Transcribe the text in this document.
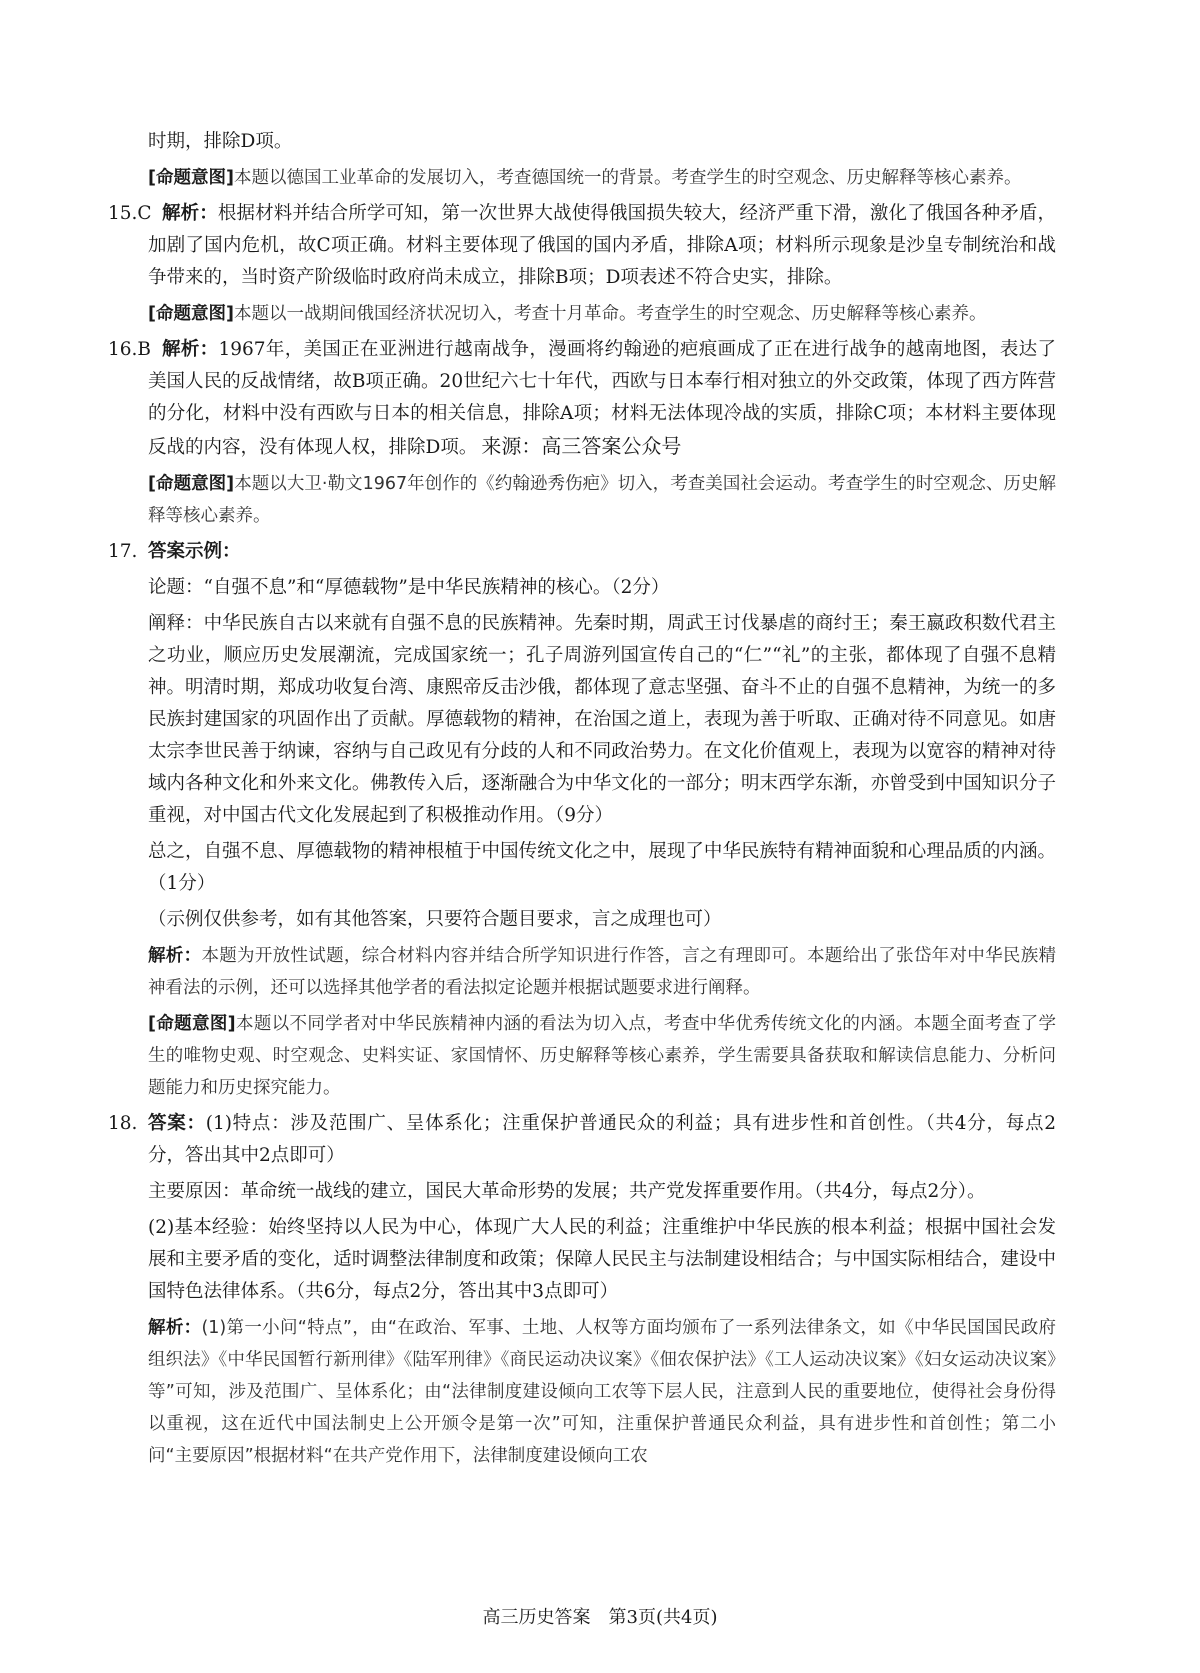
时期，排除D项。

[命题意图]本题以德国工业革命的发展切入，考查德国统一的背景。考查学生的时空观念、历史解释等核心素养。

15.C 解析：根据材料并结合所学可知，第一次世界大战使得俄国损失较大，经济严重下滑，激化了俄国各种矛盾，加剧了国内危机，故C项正确。材料主要体现了俄国的国内矛盾，排除A项；材料所示现象是沙皇专制统治和战争带来的，当时资产阶级临时政府尚未成立，排除B项；D项表述不符合史实，排除。

[命题意图]本题以一战期间俄国经济状况切入，考查十月革命。考查学生的时空观念、历史解释等核心素养。

16.B 解析：1967年，美国正在亚洲进行越南战争，漫画将约翰逊的疤痕画成了正在进行战争的越南地图，表达了美国人民的反战情绪，故B项正确。20世纪六七十年代，西欧与日本奉行相对独立的外交政策，体现了西方阵营的分化，材料中没有西欧与日本的相关信息，排除A项；材料无法体现冷战的实质，排除C项；本材料主要体现反战的内容，没有体现人权，排除D项。 来源：高三答案公众号

[命题意图]本题以大卫·勒文1967年创作的《约翰逊秀伤疤》切入，考查美国社会运动。考查学生的时空观念、历史解释等核心素养。

17. 答案示例：

论题：“自强不息”和“厚德载物”是中华民族精神的核心。（2分）

阐释：中华民族自古以来就有自强不息的民族精神。先秦时期，周武王讨伐暴虐的商纣王；秦王嬴政积数代君主之功业，顺应历史发展潮流，完成国家统一；孔子周游列国宣传自己的“仁”“礼”的主张，都体现了自强不息精神。明清时期，郑成功收复台湾、康熙帝反击沙俄，都体现了意志坚强、奋斗不止的自强不息精神，为统一的多民族封建国家的巩固作出了贡献。厚德载物的精神，在治国之道上，表现为善于听取、正确对待不同意见。如唐太宗李世民善于纳谏，容纳与自己政见有分歧的人和不同政治势力。在文化价值观上，表现为以宽容的精神对待域内各种文化和外来文化。佛教传入后，逐渐融合为中华文化的一部分；明末西学东渐，亦曾受到中国知识分子重视，对中国古代文化发展起到了积极推动作用。（9分）

总之，自强不息、厚德载物的精神根植于中国传统文化之中，展现了中华民族特有精神面貌和心理品质的内涵。（1分）

（示例仅供参考，如有其他答案，只要符合题目要求，言之成理也可）

解析：本题为开放性试题，综合材料内容并结合所学知识进行作答，言之有理即可。本题给出了张岱年对中华民族精神看法的示例，还可以选择其他学者的看法拟定论题并根据试题要求进行阐释。

[命题意图]本题以不同学者对中华民族精神内涵的看法为切入点，考查中华优秀传统文化的内涵。本题全面考查了学生的唯物史观、时空观念、史料实证、家国情怀、历史解释等核心素养，学生需要具备获取和解读信息能力、分析问题能力和历史探究能力。

18. 答案：(1)特点：涉及范围广、呈体系化；注重保护普通民众的利益；具有进步性和首创性。（共4分，每点2分，答出其中2点即可）

主要原因：革命统一战线的建立，国民大革命形势的发展；共产党发挥重要作用。（共4分，每点2分）。

(2)基本经验：始终坚持以人民为中心，体现广大人民的利益；注重维护中华民族的根本利益；根据中国社会发展和主要矛盾的变化，适时调整法律制度和政策；保障人民民主与法制建设相结合；与中国实际相结合，建设中国特色法律体系。（共6分，每点2分，答出其中3点即可）

解析：(1)第一小问“特点”，由“在政治、军事、土地、人权等方面均颁布了一系列法律条文，如《中华民国国民政府组织法》《中华民国暂行新刑律》《陆军刑律》《商民运动决议案》《佃农保护法》《工人运动决议案》《妇女运动决议案》等”可知，涉及范围广、呈体系化；由“法律制度建设倾向工农等下层人民，注意到人民的重要地位，使得社会身份得以重视，这在近代中国法制史上公开颁令是第一次”可知，注重保护普通民众利益，具有进步性和首创性；第二小问“主要原因”根据材料“在共产党作用下，法律制度建设倾向工农

高三历史答案　第3页(共4页)
